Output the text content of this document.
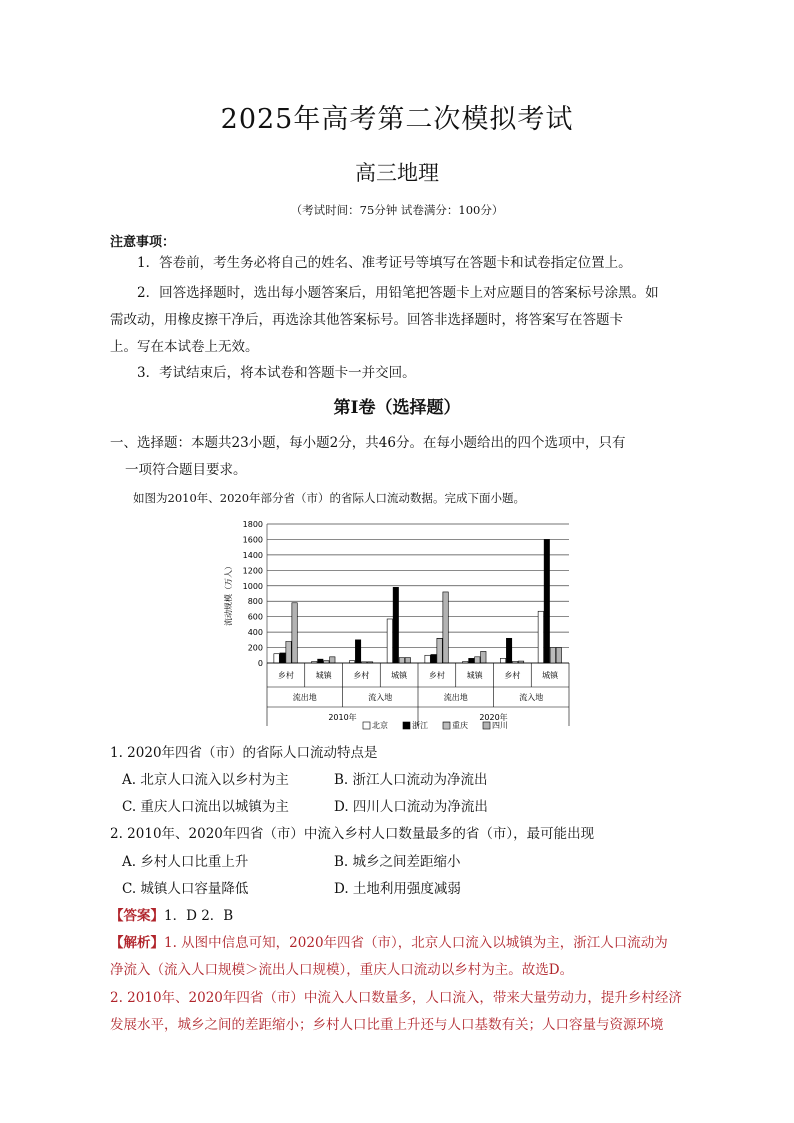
2025年高考第二次模拟考试
高三地理
（考试时间：75分钟 试卷满分：100分）
注意事项：
1．答卷前，考生务必将自己的姓名、准考证号等填写在答题卡和试卷指定位置上。
2．回答选择题时，选出每小题答案后，用铅笔把答题卡上对应题目的答案标号涂黑。如
需改动，用橡皮擦干净后，再选涂其他答案标号。回答非选择题时，将答案写在答题卡
上。写在本试卷上无效。
3．考试结束后，将本试卷和答题卡一并交回。
第Ⅰ卷（选择题）
一、选择题：本题共23小题，每小题2分，共46分。在每小题给出的四个选项中，只有
一项符合题目要求。
如图为2010年、2020年部分省（市）的省际人口流动数据。完成下面小题。
流动规模（万人）
0
200
400
600
800
1000
1200
1400
1600
1800
乡村	城镇	乡村	城镇	乡村	城镇	乡村	城镇
流出地	流入地	流出地	流入地
2010年	2020年
北京	浙江	重庆	四川
1. 2020年四省（市）的省际人口流动特点是
A. 北京人口流入以乡村为主	B. 浙江人口流动为净流出
C. 重庆人口流出以城镇为主	D. 四川人口流动为净流出
2. 2010年、2020年四省（市）中流入乡村人口数量最多的省（市），最可能出现
A. 乡村人口比重上升	B. 城乡之间差距缩小
C. 城镇人口容量降低	D. 土地利用强度减弱
【答案】1．D 2．B
【解析】1. 从图中信息可知，2020年四省（市），北京人口流入以城镇为主，浙江人口流动为
净流入（流入人口规模＞流出人口规模），重庆人口流动以乡村为主。故选D。
2. 2010年、2020年四省（市）中流入人口数量多，人口流入，带来大量劳动力，提升乡村经济
发展水平，城乡之间的差距缩小；乡村人口比重上升还与人口基数有关；人口容量与资源环境
